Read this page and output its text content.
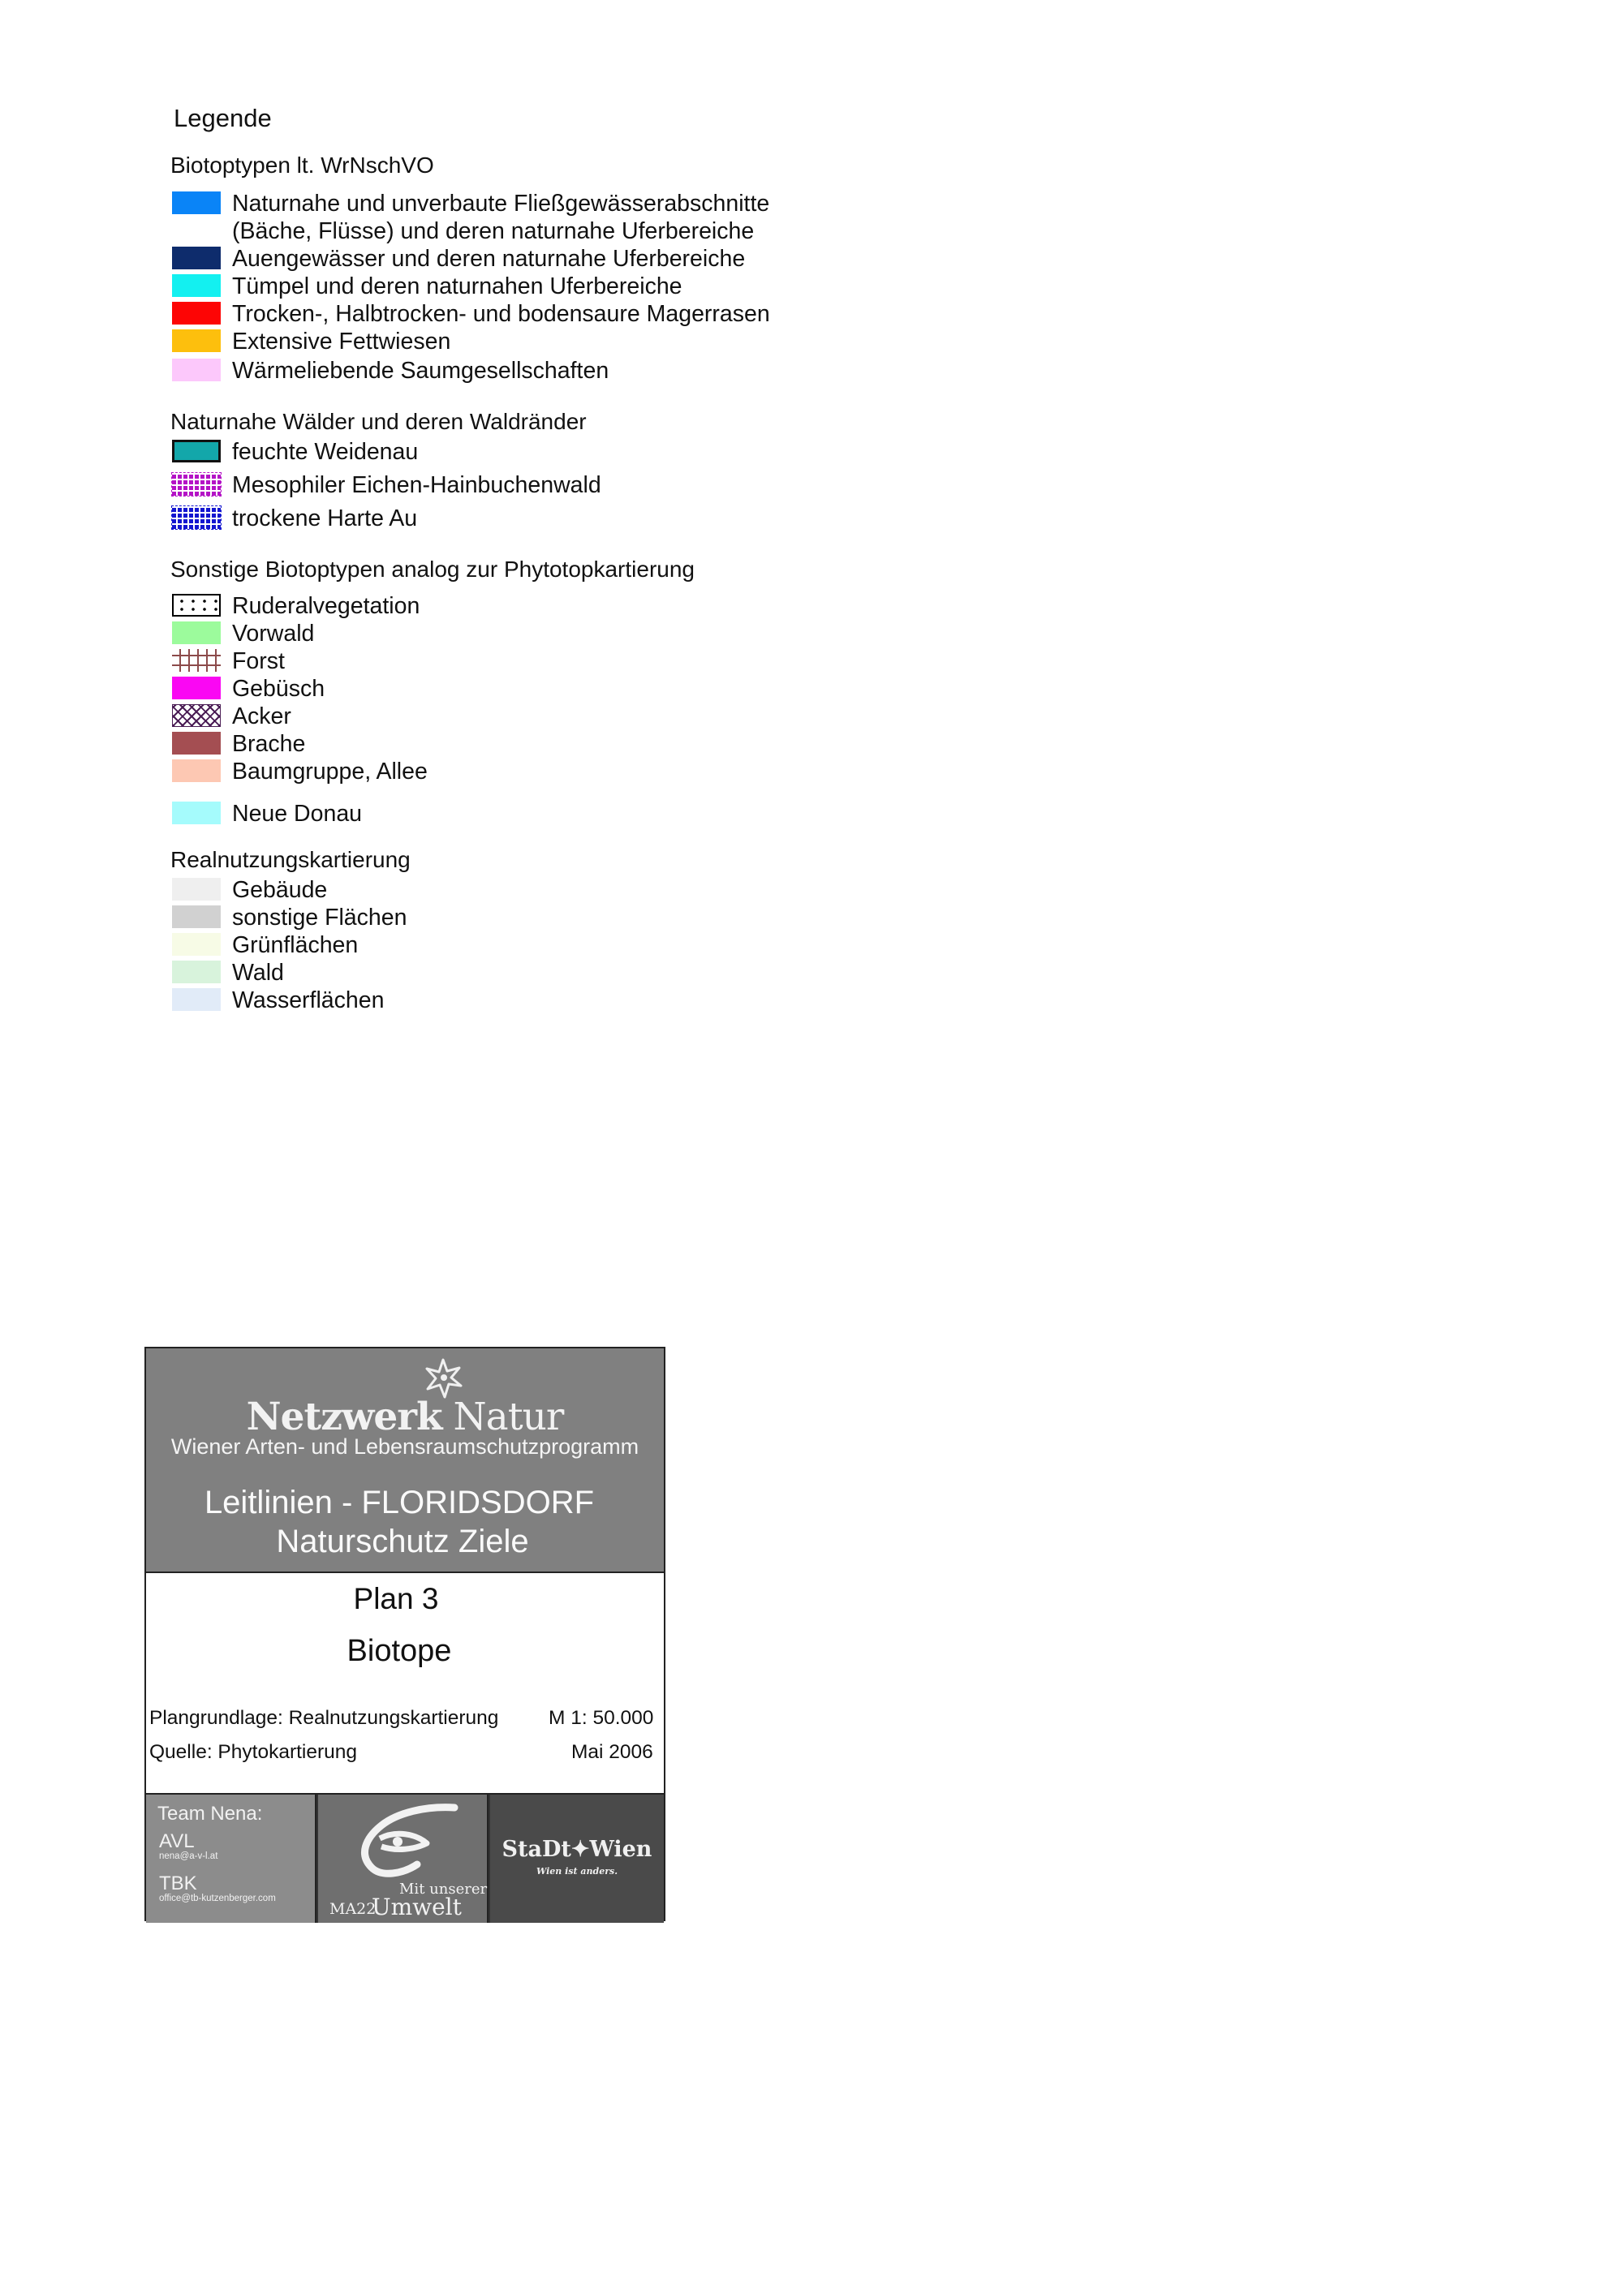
Legende
Biotoptypen lt. WrNschVO
Naturnahe und unverbaute Fließgewässerabschnitte
(Bäche, Flüsse) und deren naturnahe Uferbereiche
Auengewässer und deren naturnahe Uferbereiche
Tümpel und deren naturnahen Uferbereiche
Trocken-, Halbtrocken- und bodensaure Magerrasen
Extensive Fettwiesen
Wärmeliebende Saumgesellschaften
Naturnahe Wälder und deren Waldränder
feuchte Weidenau
Mesophiler Eichen-Hainbuchenwald
trockene Harte Au
Sonstige Biotoptypen analog zur Phytotopkartierung
Ruderalvegetation
Vorwald
Forst
Gebüsch
Acker
Brache
Baumgruppe, Allee
Neue Donau
Realnutzungskartierung
Gebäude
sonstige Flächen
Grünflächen
Wald
Wasserflächen
Netzwerk Natur
Wiener Arten- und Lebensraumschutzprogramm
Leitlinien - FLORIDSDORF
Naturschutz Ziele
Plan 3
Biotope
Plangrundlage: Realnutzungskartierung	M 1: 50.000
Quelle: Phytokartierung	Mai 2006
Team Nena:
AVL
nena@a-v-l.at
TBK
office@tb-kutzenberger.com
Mit unserer
MA22
Umwelt
StaDt✦Wien
Wien ist anders.
